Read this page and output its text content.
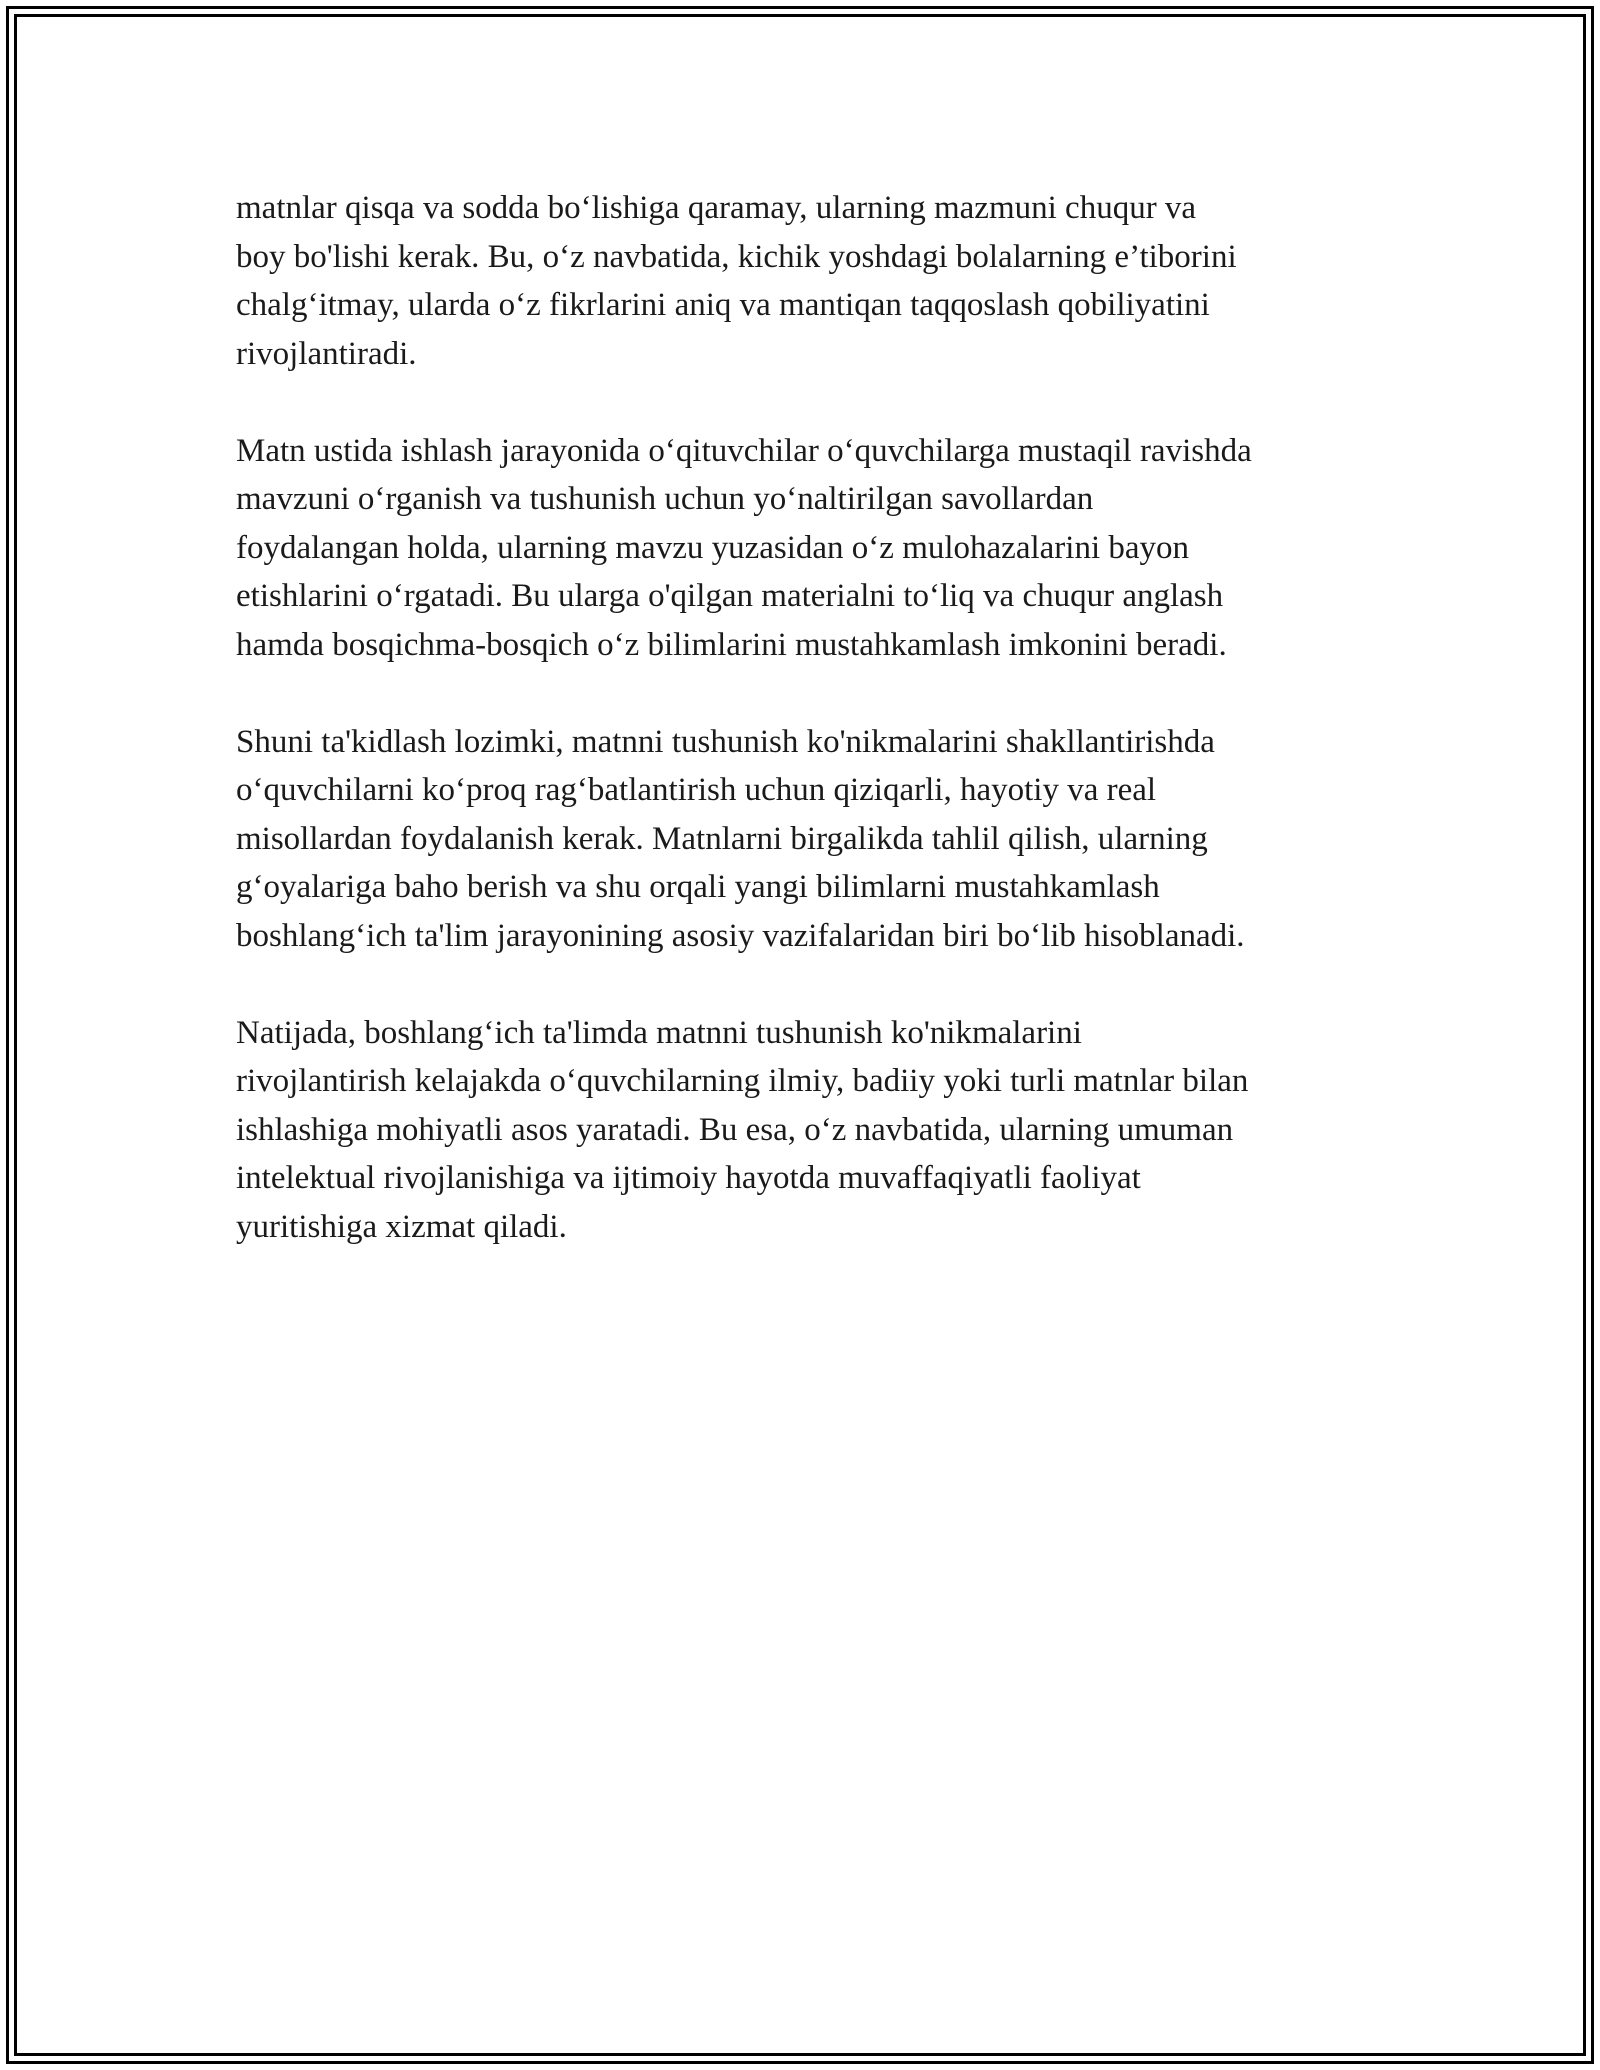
matnlar qisqa va sodda bo‘lishiga qaramay, ularning mazmuni chuqur va
boy bo'lishi kerak. Bu, o‘z navbatida, kichik yoshdagi bolalarning e’tiborini
chalg‘itmay, ularda o‘z fikrlarini aniq va mantiqan taqqoslash qobiliyatini
rivojlantiradi.

Matn ustida ishlash jarayonida o‘qituvchilar o‘quvchilarga mustaqil ravishda
mavzuni o‘rganish va tushunish uchun yo‘naltirilgan savollardan
foydalangan holda, ularning mavzu yuzasidan o‘z mulohazalarini bayon
etishlarini o‘rgatadi. Bu ularga o'qilgan materialni to‘liq va chuqur anglash
hamda bosqichma-bosqich o‘z bilimlarini mustahkamlash imkonini beradi.

Shuni ta'kidlash lozimki, matnni tushunish ko'nikmalarini shakllantirishda
o‘quvchilarni ko‘proq rag‘batlantirish uchun qiziqarli, hayotiy va real
misollardan foydalanish kerak. Matnlarni birgalikda tahlil qilish, ularning
g‘oyalariga baho berish va shu orqali yangi bilimlarni mustahkamlash
boshlang‘ich ta'lim jarayonining asosiy vazifalaridan biri bo‘lib hisoblanadi.

Natijada, boshlang‘ich ta'limda matnni tushunish ko'nikmalarini
rivojlantirish kelajakda o‘quvchilarning ilmiy, badiiy yoki turli matnlar bilan
ishlashiga mohiyatli asos yaratadi. Bu esa, o‘z navbatida, ularning umuman
intelektual rivojlanishiga va ijtimoiy hayotda muvaffaqiyatli faoliyat
yuritishiga xizmat qiladi.
